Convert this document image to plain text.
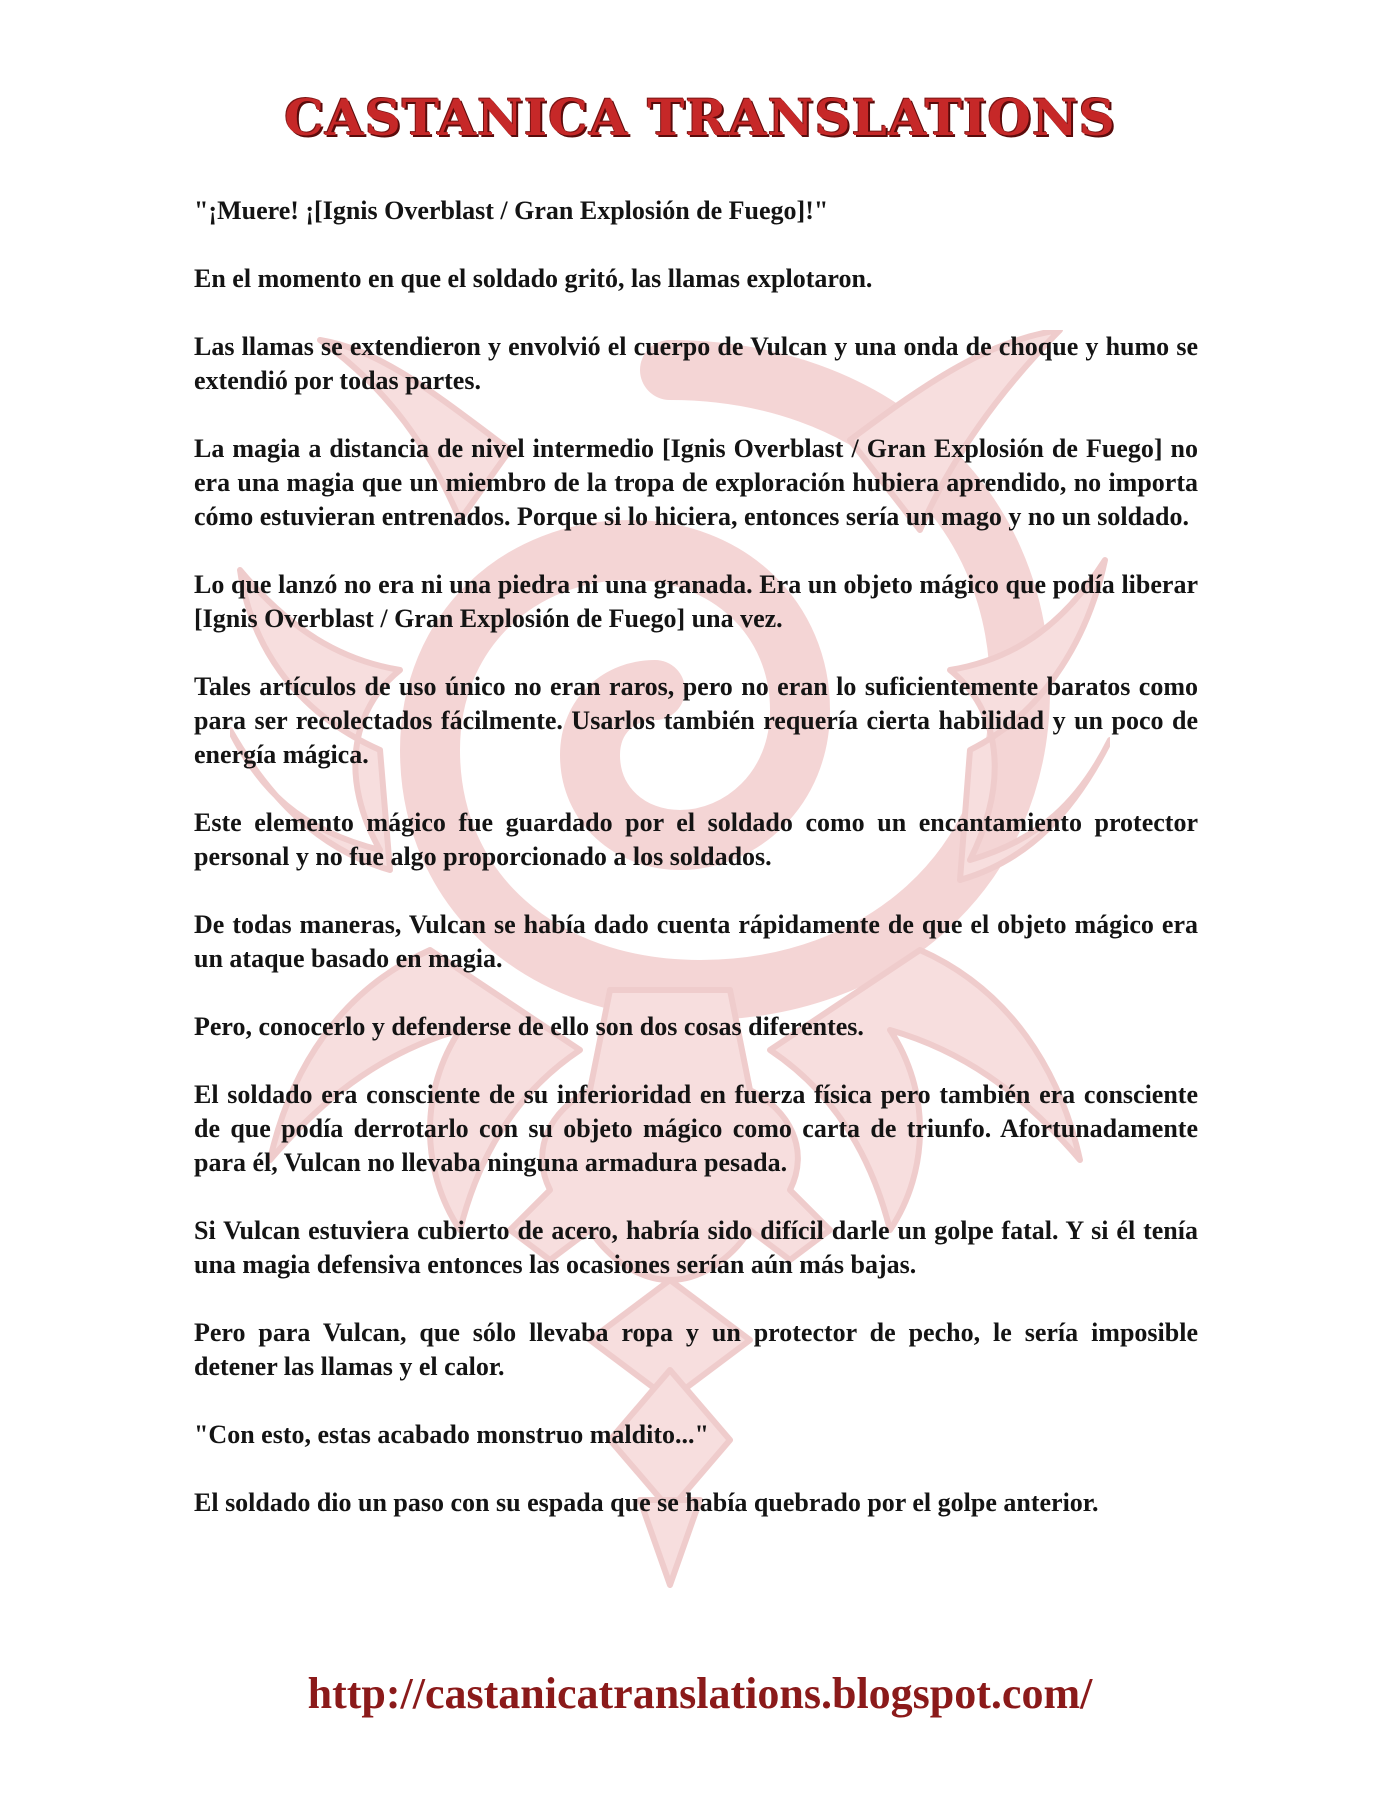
CASTANICA TRANSLATIONS

"¡Muere! ¡[Ignis Overblast / Gran Explosión de Fuego]!"

En el momento en que el soldado gritó, las llamas explotaron.

Las llamas se extendieron y envolvió el cuerpo de Vulcan y una onda de choque y humo se extendió por todas partes.

La magia a distancia de nivel intermedio [Ignis Overblast / Gran Explosión de Fuego] no era una magia que un miembro de la tropa de exploración hubiera aprendido, no importa cómo estuvieran entrenados. Porque si lo hiciera, entonces sería un mago y no un soldado.

Lo que lanzó no era ni una piedra ni una granada. Era un objeto mágico que podía liberar [Ignis Overblast / Gran Explosión de Fuego] una vez.

Tales artículos de uso único no eran raros, pero no eran lo suficientemente baratos como para ser recolectados fácilmente. Usarlos también requería cierta habilidad y un poco de energía mágica.

Este elemento mágico fue guardado por el soldado como un encantamiento protector personal y no fue algo proporcionado a los soldados.

De todas maneras, Vulcan se había dado cuenta rápidamente de que el objeto mágico era un ataque basado en magia.

Pero, conocerlo y defenderse de ello son dos cosas diferentes.

El soldado era consciente de su inferioridad en fuerza física pero también era consciente de que podía derrotarlo con su objeto mágico como carta de triunfo. Afortunadamente para él, Vulcan no llevaba ninguna armadura pesada.

Si Vulcan estuviera cubierto de acero, habría sido difícil darle un golpe fatal. Y si él tenía una magia defensiva entonces las ocasiones serían aún más bajas.

Pero para Vulcan, que sólo llevaba ropa y un protector de pecho, le sería imposible detener las llamas y el calor.

"Con esto, estas acabado monstruo maldito..."

El soldado dio un paso con su espada que se había quebrado por el golpe anterior.

http://castanicatranslations.blogspot.com/
